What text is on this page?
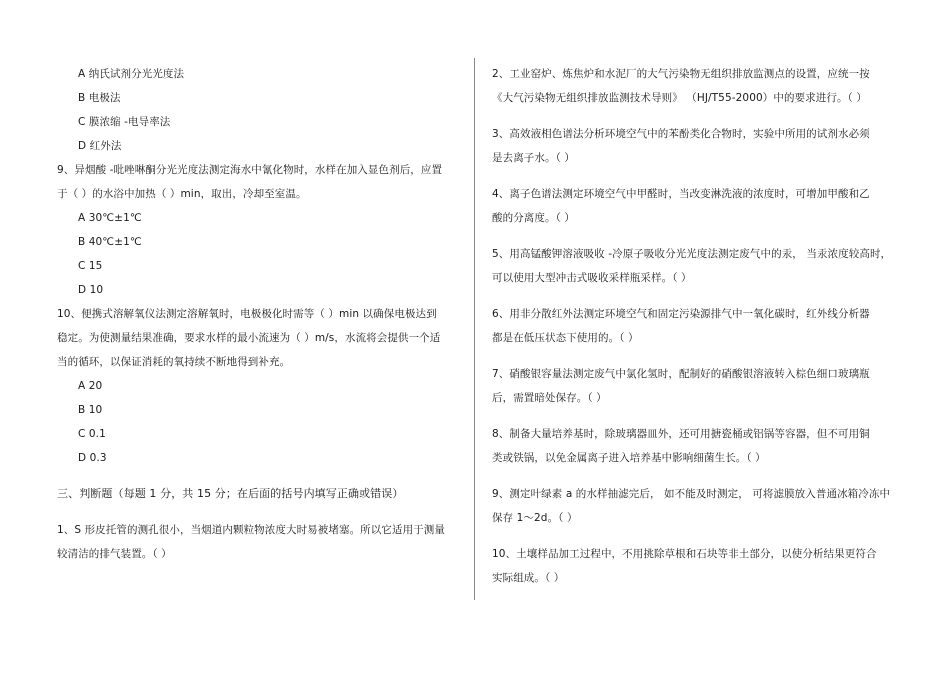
A 纳氏试剂分光光度法
B 电极法
C 膜浓缩 -电导率法
D 红外法
9、异烟酸 -吡唑啉酮分光光度法测定海水中氰化物时，水样在加入显色剂后，应置
于（ ）的水浴中加热（ ）min，取出，冷却至室温。
A 30℃±1℃
B 40℃±1℃
C 15
D 10
10、便携式溶解氧仪法测定溶解氧时，电极极化时需等（ ）min 以确保电极达到
稳定。为使测量结果准确，要求水样的最小流速为（ ）m/s，水流将会提供一个适
当的循环，以保证消耗的氧持续不断地得到补充。
A 20
B 10
C 0.1
D 0.3
三、判断题（每题 1 分，共 15 分；在后面的括号内填写正确或错误）
1、S 形皮托管的测孔很小，当烟道内颗粒物浓度大时易被堵塞。所以它适用于测量
较清洁的排气装置。（ ）
2、工业窑炉、炼焦炉和水泥厂的大气污染物无组织排放监测点的设置，应统一按
《大气污染物无组织排放监测技术导则》 （HJ/T55-2000）中的要求进行。（ ）
3、高效液相色谱法分析环境空气中的苯酚类化合物时，实验中所用的试剂水必须
是去离子水。（ ）
4、离子色谱法测定环境空气中甲醛时，当改变淋洗液的浓度时，可增加甲酸和乙
酸的分离度。（ ）
5、用高锰酸钾溶液吸收 -冷原子吸收分光光度法测定废气中的汞， 当汞浓度较高时，
可以使用大型冲击式吸收采样瓶采样。（ ）
6、用非分散红外法测定环境空气和固定污染源排气中一氧化碳时，红外线分析器
都是在低压状态下使用的。（ ）
7、硝酸银容量法测定废气中氯化氢时，配制好的硝酸银溶液转入棕色细口玻璃瓶
后，需置暗处保存。（ ）
8、制备大量培养基时，除玻璃器皿外，还可用搪瓷桶或铝锅等容器，但不可用铜
类或铁锅，以免金属离子进入培养基中影响细菌生长。（ ）
9、测定叶绿素 a 的水样抽滤完后， 如不能及时测定， 可将滤膜放入普通冰箱冷冻中
保存 1～2d。（ ）
10、土壤样品加工过程中，不用挑除草根和石块等非土部分，以使分析结果更符合
实际组成。（ ）
